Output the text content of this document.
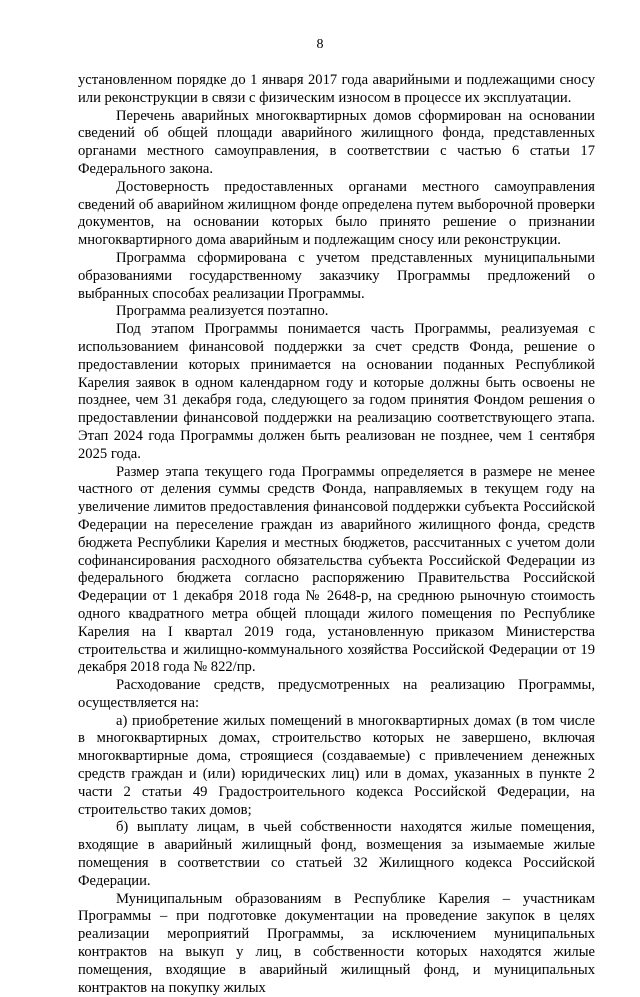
8

установленном порядке до 1 января 2017 года аварийными и подлежащими сносу или реконструкции в связи с физическим износом в процессе их эксплуатации.

Перечень аварийных многоквартирных домов сформирован на основании сведений об общей площади аварийного жилищного фонда, представленных органами местного самоуправления, в соответствии с частью 6 статьи 17 Федерального закона.

Достоверность предоставленных органами местного самоуправления сведений об аварийном жилищном фонде определена путем выборочной проверки документов, на основании которых было принято решение о признании многоквартирного дома аварийным и подлежащим сносу или реконструкции.

Программа сформирована с учетом представленных муниципальными образованиями государственному заказчику Программы предложений о выбранных способах реализации Программы.

Программа реализуется поэтапно.

Под этапом Программы понимается часть Программы, реализуемая с использованием финансовой поддержки за счет средств Фонда, решение о предоставлении которых принимается на основании поданных Республикой Карелия заявок в одном календарном году и которые должны быть освоены не позднее, чем 31 декабря года, следующего за годом принятия Фондом решения о предоставлении финансовой поддержки на реализацию соответствующего этапа. Этап 2024 года Программы должен быть реализован не позднее, чем 1 сентября 2025 года.

Размер этапа текущего года Программы определяется в размере не менее частного от деления суммы средств Фонда, направляемых в текущем году на увеличение лимитов предоставления финансовой поддержки субъекта Российской Федерации на переселение граждан из аварийного жилищного фонда, средств бюджета Республики Карелия и местных бюджетов, рассчитанных с учетом доли софинансирования расходного обязательства субъекта Российской Федерации из федерального бюджета согласно распоряжению Правительства Российской Федерации от 1 декабря 2018 года № 2648-р, на среднюю рыночную стоимость одного квадратного метра общей площади жилого помещения по Республике Карелия на I квартал 2019 года, установленную приказом Министерства строительства и жилищно-коммунального хозяйства Российской Федерации от 19 декабря 2018 года № 822/пр.

Расходование средств, предусмотренных на реализацию Программы, осуществляется на:

а) приобретение жилых помещений в многоквартирных домах (в том числе в многоквартирных домах, строительство которых не завершено, включая многоквартирные дома, строящиеся (создаваемые) с привлечением денежных средств граждан и (или) юридических лиц) или в домах, указанных в пункте 2 части 2 статьи 49 Градостроительного кодекса Российской Федерации, на строительство таких домов;

б) выплату лицам, в чьей собственности находятся жилые помещения, входящие в аварийный жилищный фонд, возмещения за изымаемые жилые помещения в соответствии со статьей 32 Жилищного кодекса Российской Федерации.

Муниципальным образованиям в Республике Карелия – участникам Программы – при подготовке документации на проведение закупок в целях реализации мероприятий Программы, за исключением муниципальных контрактов на выкуп у лиц, в собственности которых находятся жилые помещения, входящие в аварийный жилищный фонд, и муниципальных контрактов на покупку жилых
